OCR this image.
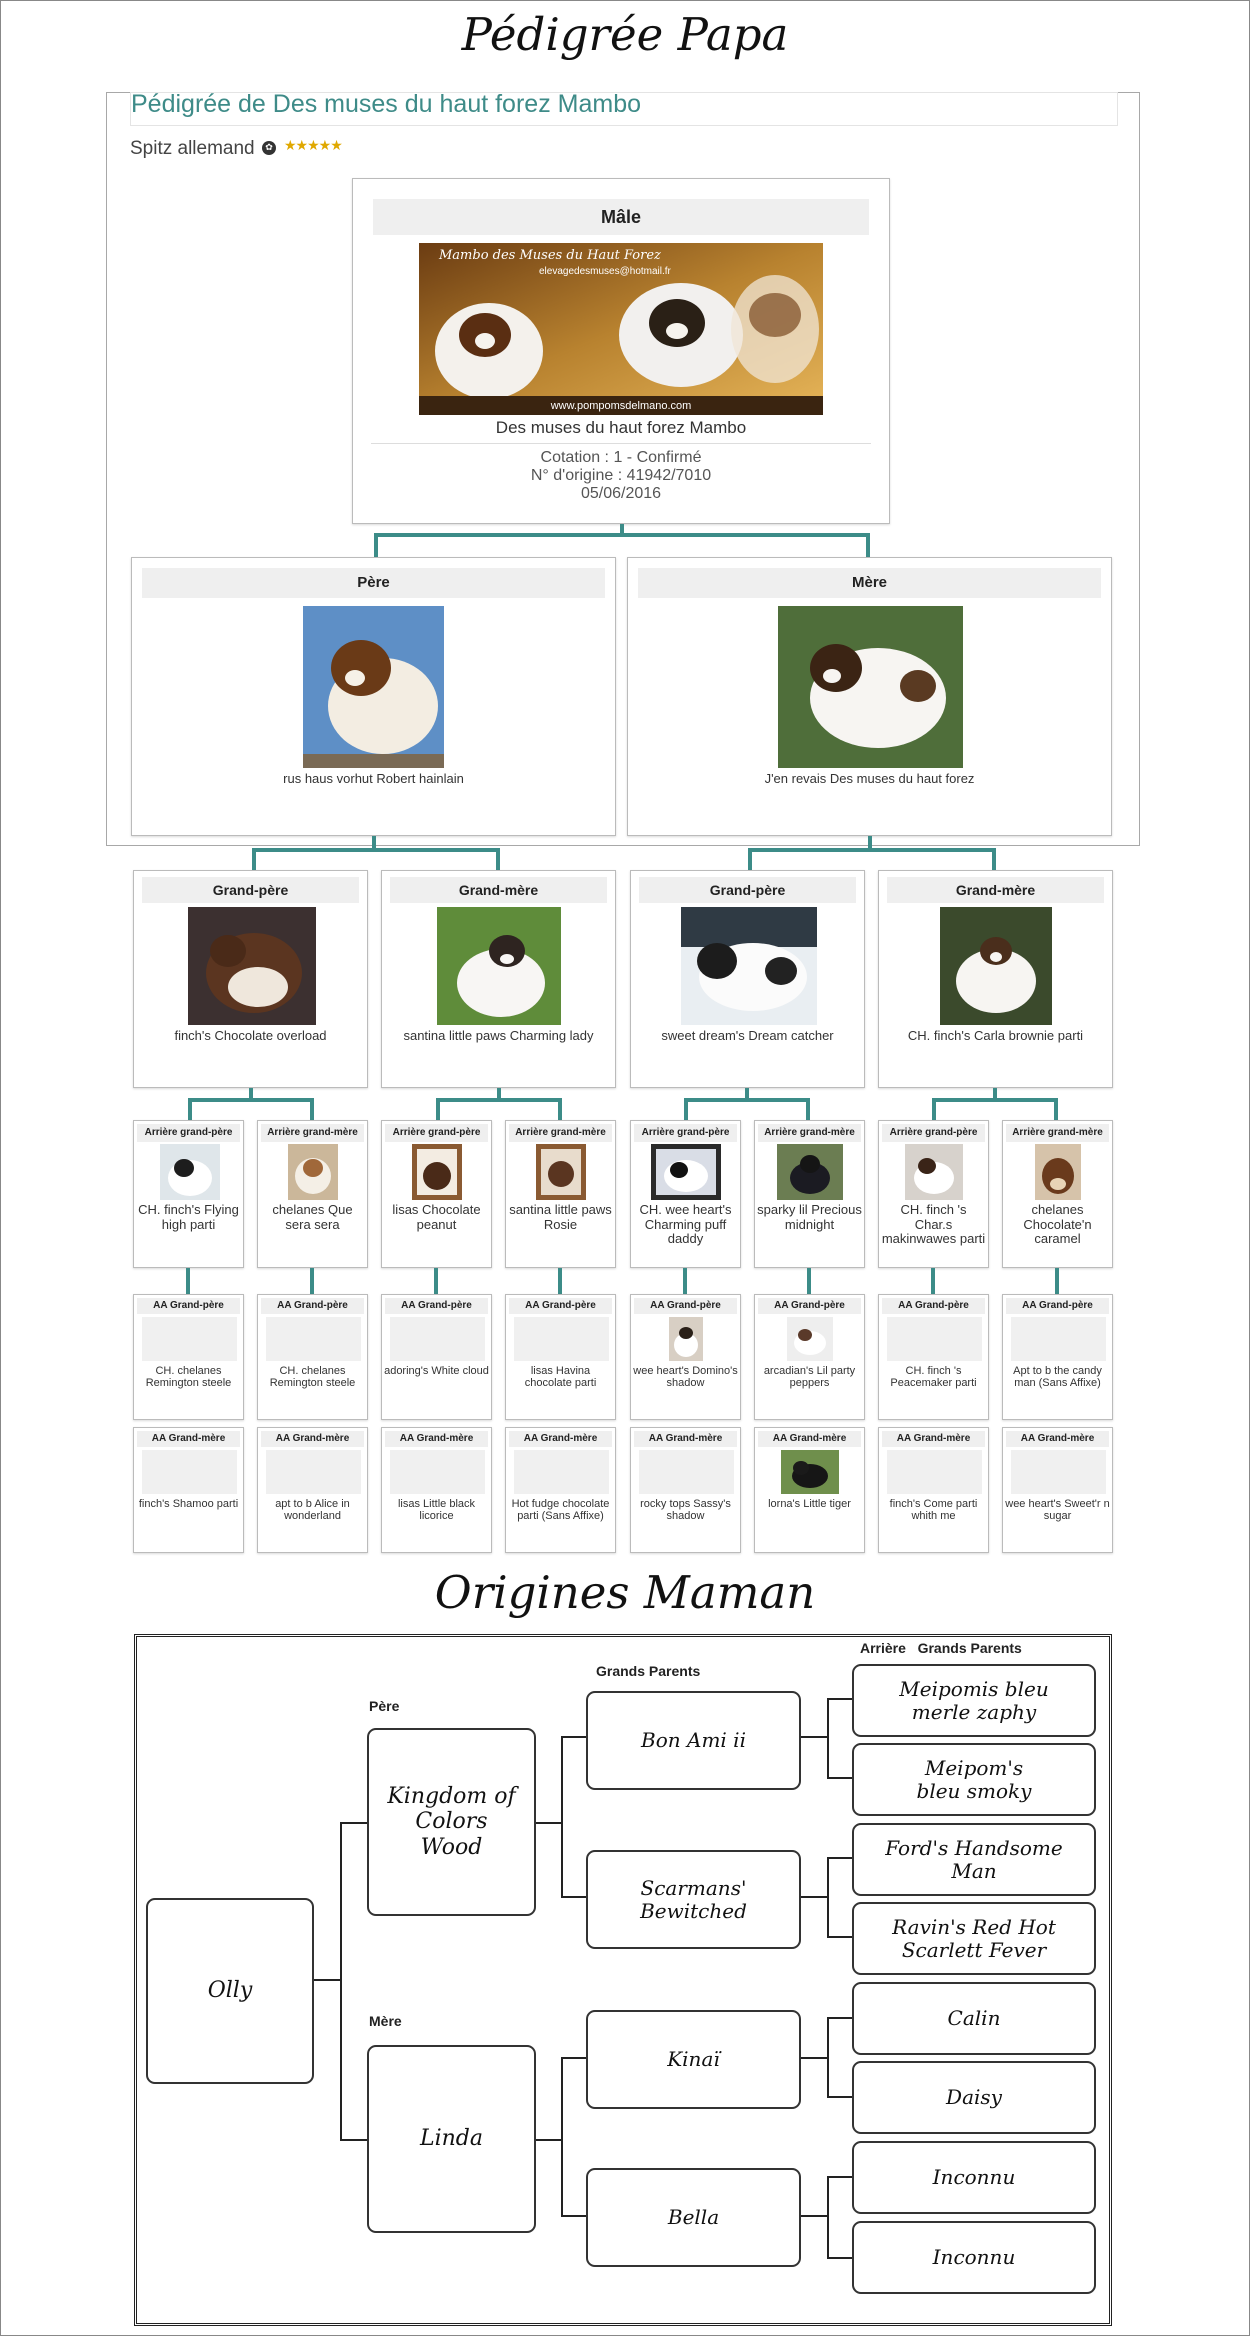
Pédigrée Papa
Pédigrée de Des muses du haut forez Mambo
Spitz allemand	✿ ★★★★★
Mâle
Mambo des Muses du Haut Forez
elevagedesmuses@hotmail.fr
www.pompomsdelmano.com
Des muses du haut forez Mambo
Cotation : 1 - Confirmé
N° d'origine : 41942/7010
05/06/2016
Père
rus haus vorhut Robert hainlain
Mère
J'en revais Des muses du haut forez
Grand-père
finch's Chocolate overload
Grand-mère
santina little paws Charming lady
Grand-père
sweet dream's Dream catcher
Grand-mère
CH. finch's Carla brownie parti
Arrière grand-père
CH. finch's Flying high parti
Arrière grand-mère
chelanes Que sera sera
Arrière grand-père
lisas Chocolate peanut
Arrière grand-mère
santina little paws Rosie
Arrière grand-père
CH. wee heart's Charming puff daddy
Arrière grand-mère
sparky lil Precious midnight
Arrière grand-père
CH. finch 's Char.s makinwawes parti
Arrière grand-mère
chelanes Chocolate'n caramel
AA Grand-père
CH. chelanes Remington steele
AA Grand-père
CH. chelanes Remington steele
AA Grand-père
adoring's White cloud
AA Grand-père
lisas Havina chocolate parti
AA Grand-père
wee heart's Domino's shadow
AA Grand-père
arcadian's Lil party peppers
AA Grand-père
CH. finch 's Peacemaker parti
AA Grand-père
Apt to b the candy man (Sans Affixe)
AA Grand-mère
finch's Shamoo parti
AA Grand-mère
apt to b Alice in wonderland
AA Grand-mère
lisas Little black licorice
AA Grand-mère
Hot fudge chocolate parti (Sans Affixe)
AA Grand-mère
rocky tops Sassy's shadow
AA Grand-mère
lorna's Little tiger
AA Grand-mère
finch's Come parti whith me
AA Grand-mère
wee heart's Sweet'r n sugar
Origines Maman
Grands Parents
Arrière   Grands Parents
Père
Mère
Olly
Kingdom of Colors Wood
Linda
Bon Ami ii
Scarmans' Bewitched
Kinaï
Bella
Meipomis bleu merle zaphy
Meipom's bleu smoky
Ford's Handsome Man
Ravin's Red Hot Scarlett Fever
Calin
Daisy
Inconnu
Inconnu
